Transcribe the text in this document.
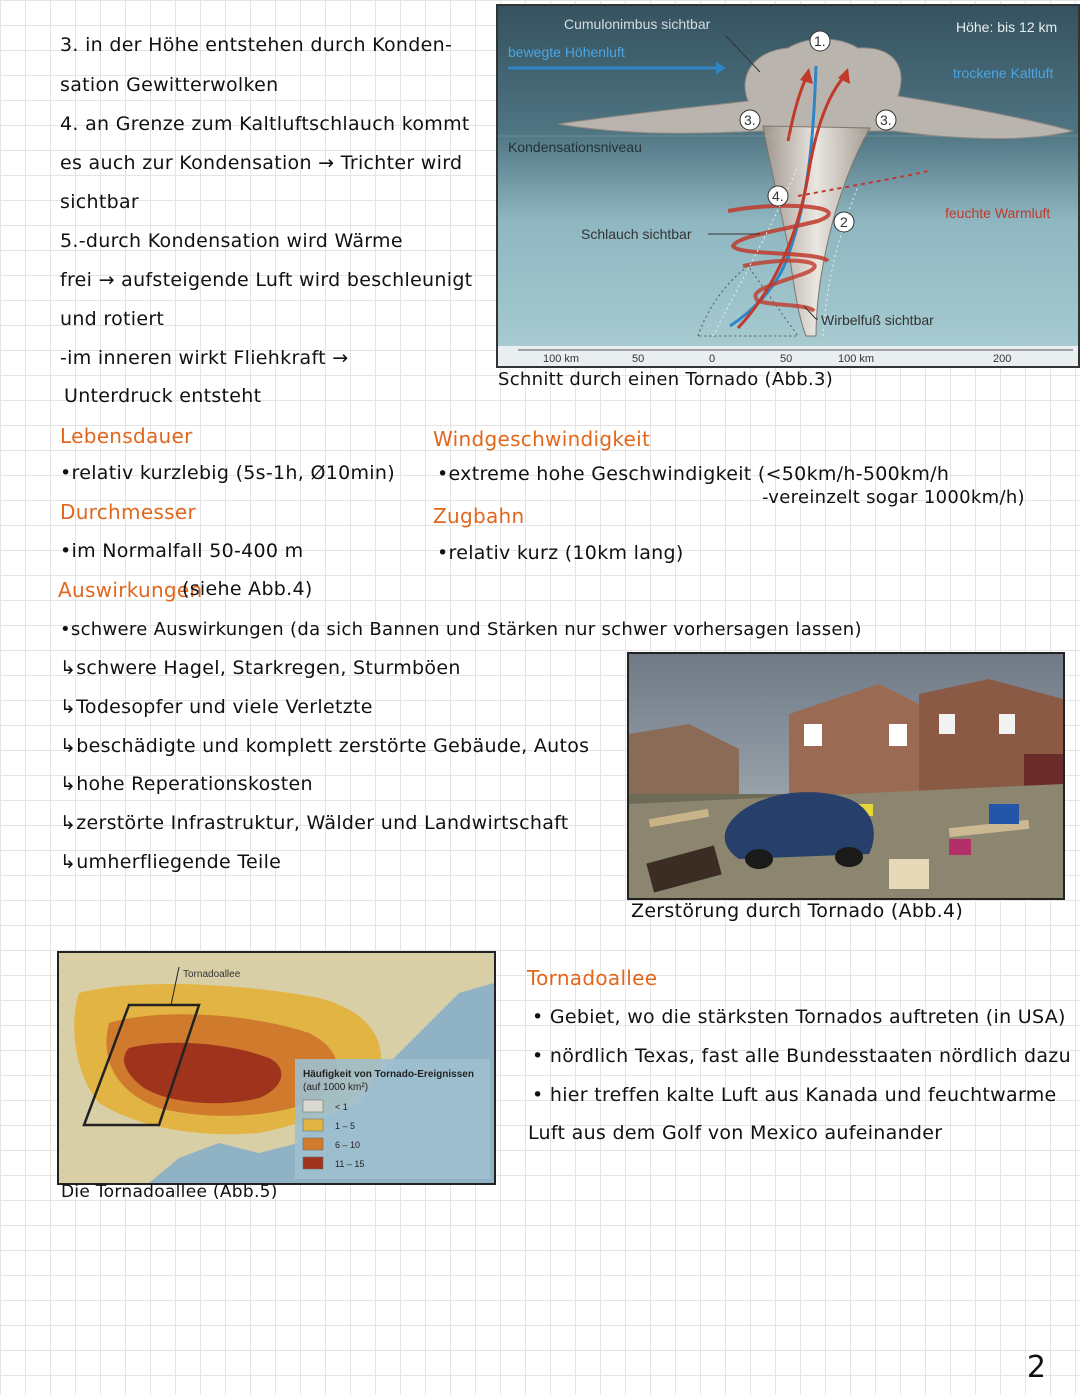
3. in der Höhe entstehen durch Konden-
sation Gewitterwolken
4. an Grenze zum Kaltluftschlauch kommt
es auch zur Kondensation → Trichter wird
sichtbar
5.-durch Kondensation wird Wärme
frei → aufsteigende Luft wird beschleunigt
und rotiert
-im inneren wirkt Fliehkraft →
Unterdruck entsteht
Cumulonimbus sichtbar	Höhe: bis 12 km
bewegte Höhenluft
trockene Kaltluft
Kondensationsniveau
feuchte Warmluft
Schlauch sichtbar
Wirbelfuß sichtbar
1.
2
3.	3.
4.
100 km	50	0	50	100 km	200
Schnitt durch einen Tornado (Abb.3)
Lebensdauer
•relativ kurzlebig (5s-1h, Ø10min)
Durchmesser
•im Normalfall 50-400 m
Windgeschwindigkeit
•extreme hohe Geschwindigkeit (<50km/h-500km/h
-vereinzelt sogar 1000km/h)
Zugbahn
•relativ kurz (10km lang)
Auswirkungen
(siehe Abb.4)
•schwere Auswirkungen (da sich Bannen und Stärken nur schwer vorhersagen lassen)
↳schwere Hagel, Starkregen, Sturmböen
↳Todesopfer und viele Verletzte
↳beschädigte und komplett zerstörte Gebäude, Autos
↳hohe Reperationskosten
↳zerstörte Infrastruktur, Wälder und Landwirtschaft
↳umherfliegende Teile
Zerstörung durch Tornado (Abb.4)
Tornadoallee
Häufigkeit von Tornado-Ereignissen
(auf 1000 km²)
< 1
1 – 5
6 – 10
11 – 15
Die Tornadoallee (Abb.5)
Tornadoallee
• Gebiet, wo die stärksten Tornados auftreten (in USA)
• nördlich Texas, fast alle Bundesstaaten nördlich dazu
• hier treffen kalte Luft aus Kanada und feuchtwarme
Luft aus dem Golf von Mexico aufeinander
2
